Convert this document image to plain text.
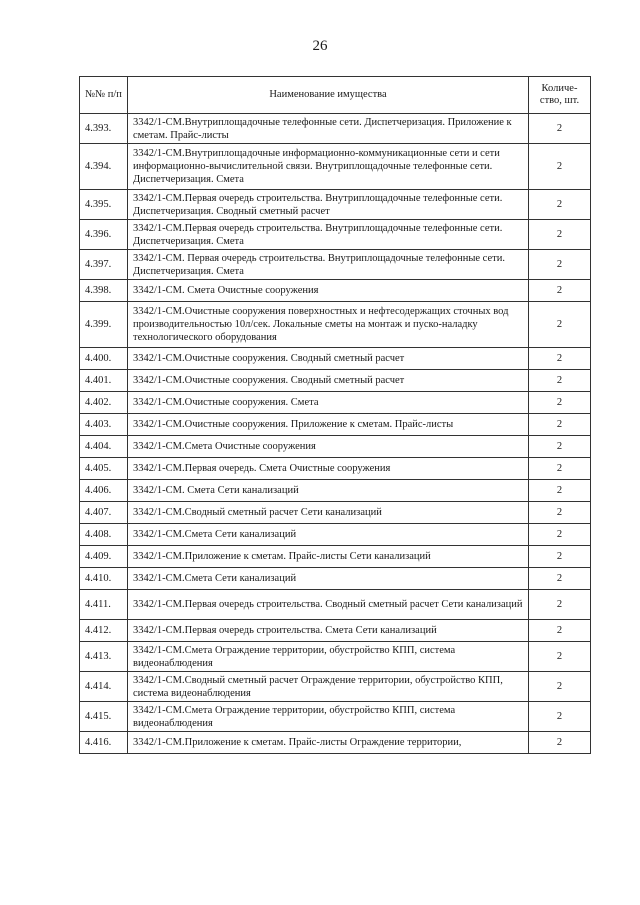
26
№№ п/п	Наименование имущества	Количе-ство, шт.
4.393.	3342/1-СМ.Внутриплощадочные телефонные сети. Диспетчеризация. Приложение к сметам. Прайс-листы	2
4.394.	3342/1-СМ.Внутриплощадочные информационно-коммуникационные сети и сети информационно-вычислительной связи. Внутриплощадочные телефонные сети. Диспетчеризация. Смета	2
4.395.	3342/1-СМ.Первая очередь строительства. Внутриплощадочные телефонные сети. Диспетчеризация. Сводный сметный расчет	2
4.396.	3342/1-СМ.Первая очередь строительства. Внутриплощадочные телефонные сети. Диспетчеризация. Смета	2
4.397.	3342/1-СМ. Первая очередь строительства. Внутриплощадочные телефонные сети. Диспетчеризация. Смета	2
4.398.	3342/1-СМ. Смета Очистные сооружения	2
4.399.	3342/1-СМ.Очистные сооружения поверхностных и нефтесодержащих сточных вод производительностью 10л/сек. Локальные сметы на монтаж и пуско-наладку технологического оборудования	2
4.400.	3342/1-СМ.Очистные сооружения. Сводный сметный расчет	2
4.401.	3342/1-СМ.Очистные сооружения. Сводный сметный расчет	2
4.402.	3342/1-СМ.Очистные сооружения. Смета	2
4.403.	3342/1-СМ.Очистные сооружения. Приложение к сметам. Прайс-листы	2
4.404.	3342/1-СМ.Смета Очистные сооружения	2
4.405.	3342/1-СМ.Первая очередь. Смета Очистные сооружения	2
4.406.	3342/1-СМ. Смета Сети канализаций	2
4.407.	3342/1-СМ.Сводный сметный расчет Сети канализаций	2
4.408.	3342/1-СМ.Смета Сети канализаций	2
4.409.	3342/1-СМ.Приложение к сметам. Прайс-листы Сети канализаций	2
4.410.	3342/1-СМ.Смета Сети канализаций	2
4.411.	3342/1-СМ.Первая очередь строительства. Сводный сметный расчет Сети канализаций	2
4.412.	3342/1-СМ.Первая очередь строительства. Смета Сети канализаций	2
4.413.	3342/1-СМ.Смета Ограждение территории, обустройство КПП, система видеонаблюдения	2
4.414.	3342/1-СМ.Сводный сметный расчет Ограждение территории, обустройство КПП, система видеонаблюдения	2
4.415.	3342/1-СМ.Смета Ограждение территории, обустройство КПП, система видеонаблюдения	2
4.416.	3342/1-СМ.Приложение к сметам. Прайс-листы Ограждение территории,	2
